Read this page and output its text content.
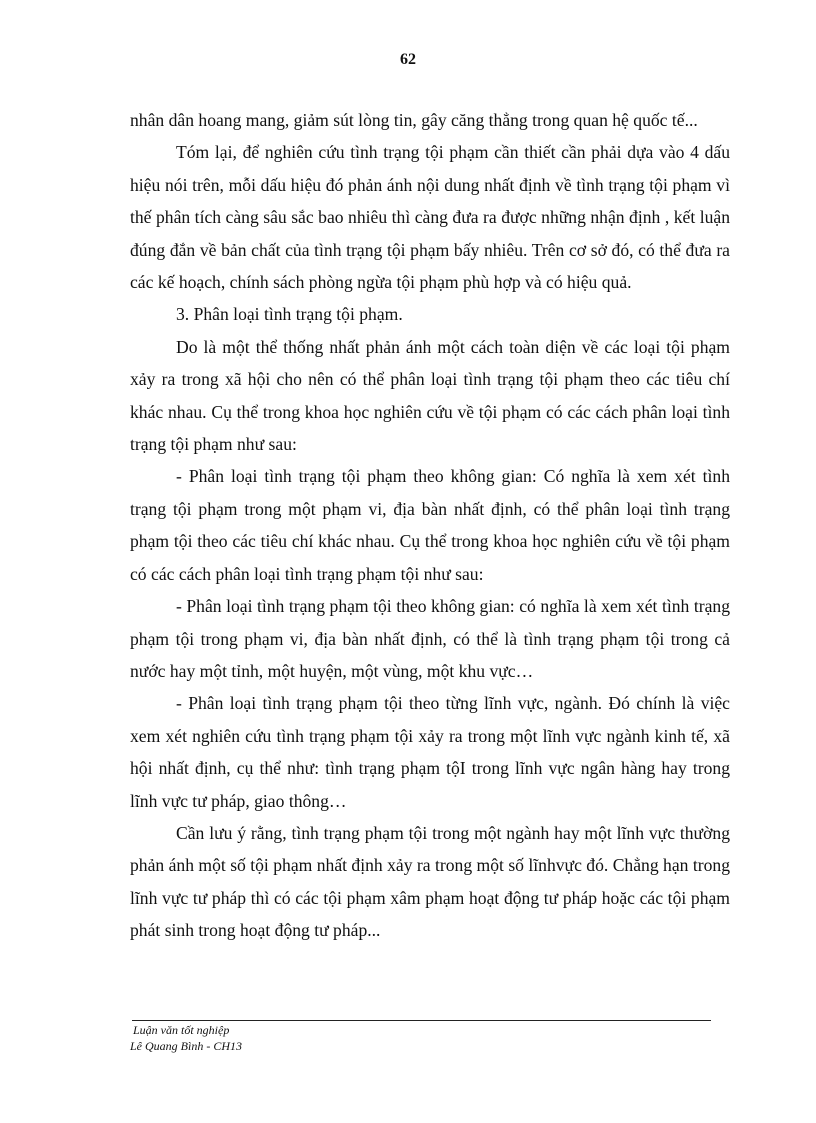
62

nhân dân hoang mang, giảm sút lòng tin, gây căng thẳng trong quan hệ quốc tế...

Tóm lại, để nghiên cứu tình trạng tội phạm cần thiết cần phải dựa vào 4 dấu hiệu nói trên, mỗi dấu hiệu đó phản ánh nội dung nhất định về tình trạng tội phạm vì thế phân tích càng sâu sắc bao nhiêu thì càng đưa ra được những nhận định , kết luận đúng đắn về bản chất của tình trạng tội phạm bấy nhiêu. Trên cơ sở đó, có thể đưa ra các kế hoạch, chính sách phòng ngừa tội phạm phù hợp và có hiệu quả.

3. Phân loại tình trạng tội phạm.

Do là một thể thống nhất phản ánh một cách toàn diện về các loại tội phạm xảy ra trong xã hội cho nên có thể phân loại tình trạng tội phạm theo các tiêu chí khác nhau. Cụ thể trong khoa học nghiên cứu về tội phạm có các cách phân loại tình trạng tội phạm như sau:

- Phân loại tình trạng tội phạm theo không gian: Có nghĩa là xem xét tình trạng tội phạm trong một phạm vi, địa bàn nhất định, có thể phân loại tình trạng phạm tội theo các tiêu chí khác nhau. Cụ thể trong khoa học nghiên cứu về tội phạm có các cách phân loại tình trạng phạm tội như sau:

- Phân loại tình trạng phạm tội theo không gian: có nghĩa là xem xét tình trạng phạm tội trong phạm vi, địa bàn nhất định, có thể là tình trạng phạm tội trong cả nước hay một tỉnh, một huyện, một vùng, một khu vực…

- Phân loại tình trạng phạm tội theo từng lĩnh vực, ngành. Đó chính là việc xem xét nghiên cứu tình trạng phạm tội xảy ra trong một lĩnh vực ngành kinh tế, xã hội nhất định, cụ thể như: tình trạng phạm tộI trong lĩnh vực ngân hàng hay trong lĩnh vực tư pháp, giao thông…

Cần lưu ý rằng, tình trạng phạm tội trong một ngành hay một lĩnh vực thường phản ánh một số tội phạm nhất định xảy ra trong một số lĩnhvực đó. Chẳng hạn trong lĩnh vực tư pháp thì có các tội phạm xâm phạm hoạt động tư pháp hoặc các tội phạm phát sinh trong hoạt động tư pháp...

Luận văn tốt nghiệp
Lê Quang Bình - CH13
